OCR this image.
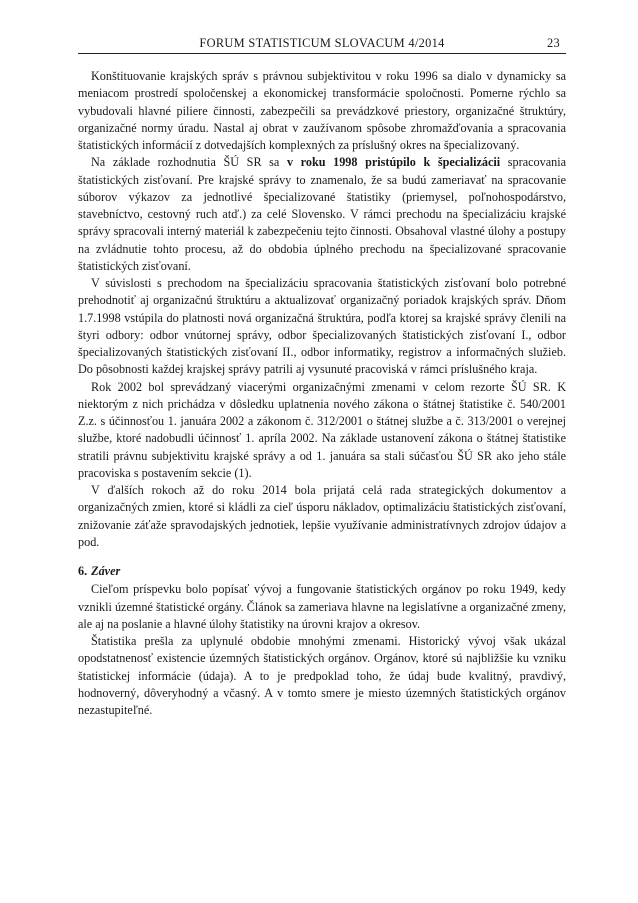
FORUM STATISTICUM SLOVACUM 4/2014	23

Konštituovanie krajských správ s právnou subjektivitou v roku 1996 sa dialo v dynamicky sa meniacom prostredí spoločenskej a ekonomickej transformácie spoločnosti. Pomerne rýchlo sa vybudovali hlavné piliere činnosti, zabezpečili sa prevádzkové priestory, organizačné štruktúry, organizačné normy úradu. Nastal aj obrat v zaužívanom spôsobe zhromažďovania a spracovania štatistických informácií z dotvedajších komplexných za príslušný okres na špecializovaný.

Na základe rozhodnutia ŠÚ SR sa v roku 1998 pristúpilo k špecializácii spracovania štatistických zisťovaní. Pre krajské správy to znamenalo, že sa budú zameriavať na spracovanie súborov výkazov za jednotlivé špecializované štatistiky (priemysel, poľnohospodárstvo, stavebníctvo, cestovný ruch atď.) za celé Slovensko. V rámci prechodu na špecializáciu krajské správy spracovali interný materiál k zabezpečeniu tejto činnosti. Obsahoval vlastné úlohy a postupy na zvládnutie tohto procesu, až do obdobia úplného prechodu na špecializované spracovanie štatistických zisťovaní.

V súvislosti s prechodom na špecializáciu spracovania štatistických zisťovaní bolo potrebné prehodnotiť aj organizačnú štruktúru a aktualizovať organizačný poriadok krajských správ. Dňom 1.7.1998 vstúpila do platnosti nová organizačná štruktúra, podľa ktorej sa krajské správy členili na štyri odbory: odbor vnútornej správy, odbor špecializovaných štatistických zisťovaní I., odbor špecializovaných štatistických zisťovaní II., odbor informatiky, registrov a informačných služieb. Do pôsobnosti každej krajskej správy patrili aj vysunuté pracoviská v rámci príslušného kraja.

Rok 2002 bol sprevádzaný viacerými organizačnými zmenami v celom rezorte ŠÚ SR. K niektorým z nich prichádza v dôsledku uplatnenia nového zákona o štátnej štatistike č. 540/2001 Z.z. s účinnosťou 1. januára 2002 a zákonom č. 312/2001 o štátnej službe a č. 313/2001 o verejnej službe, ktoré nadobudli účinnosť 1. apríla 2002. Na základe ustanovení zákona o štátnej štatistike stratili právnu subjektivitu krajské správy a od 1. januára sa stali súčasťou ŠÚ SR ako jeho stále pracoviska s postavením sekcie (1).

V ďalších rokoch až do roku 2014 bola prijatá celá rada strategických dokumentov a organizačných zmien, ktoré si kládli za cieľ úsporu nákladov, optimalizáciu štatistických zisťovaní, znižovanie záťaže spravodajských jednotiek, lepšie využívanie administratívnych zdrojov údajov a pod.

6. Záver

Cieľom príspevku bolo popísať vývoj a fungovanie štatistických orgánov po roku 1949, kedy vznikli územné štatistické orgány. Článok sa zameriava hlavne na legislatívne a organizačné zmeny, ale aj na poslanie a hlavné úlohy štatistiky na úrovni krajov a okresov.

Štatistika prešla za uplynulé obdobie mnohými zmenami. Historický vývoj však ukázal opodstatnenosť existencie územných štatistických orgánov. Orgánov, ktoré sú najbližšie ku vzniku štatistickej informácie (údaja). A to je predpoklad toho, že údaj bude kvalitný, pravdivý, hodnoverný, dôveryhodný a včasný. A v tomto smere je miesto územných štatistických orgánov nezastupiteľné.
